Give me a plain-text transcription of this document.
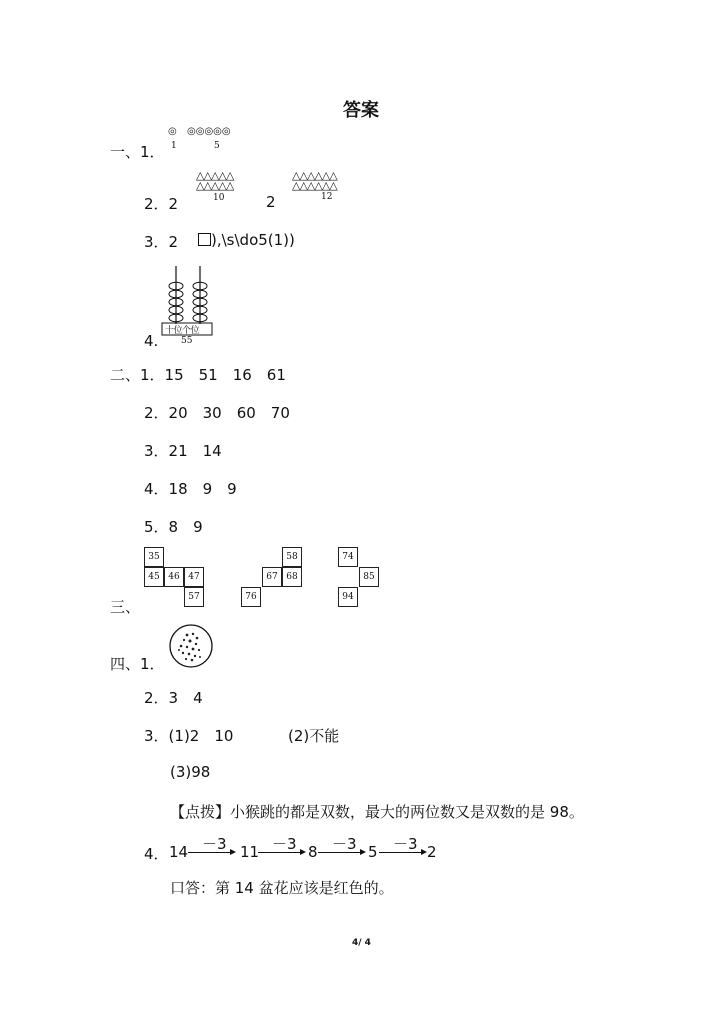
答案
一、1．
◎
1
◎◎◎◎◎
5
2．2
△△△△△
△△△△△
10	2
△△△△△△
△△△△△△
12
3．2	),\s\do5(1))
4.
十位个位
55
二、1．15　51　16　61
2．20　30　60　70
3．21　14
4．18　9　9
5．8　9
三、
35
45 46 47
57
58
67 68
76
74
85
94
四、1．
2．3　4
3．(1)2　10	(2)不能
(3)98
【点拨】小猴跳的都是双数，最大的两位数又是双数的是 98。
4． 14 －3 11 －3 8 －3 5 －3 2
口答：第 14 盆花应该是红色的。
4/ 4
